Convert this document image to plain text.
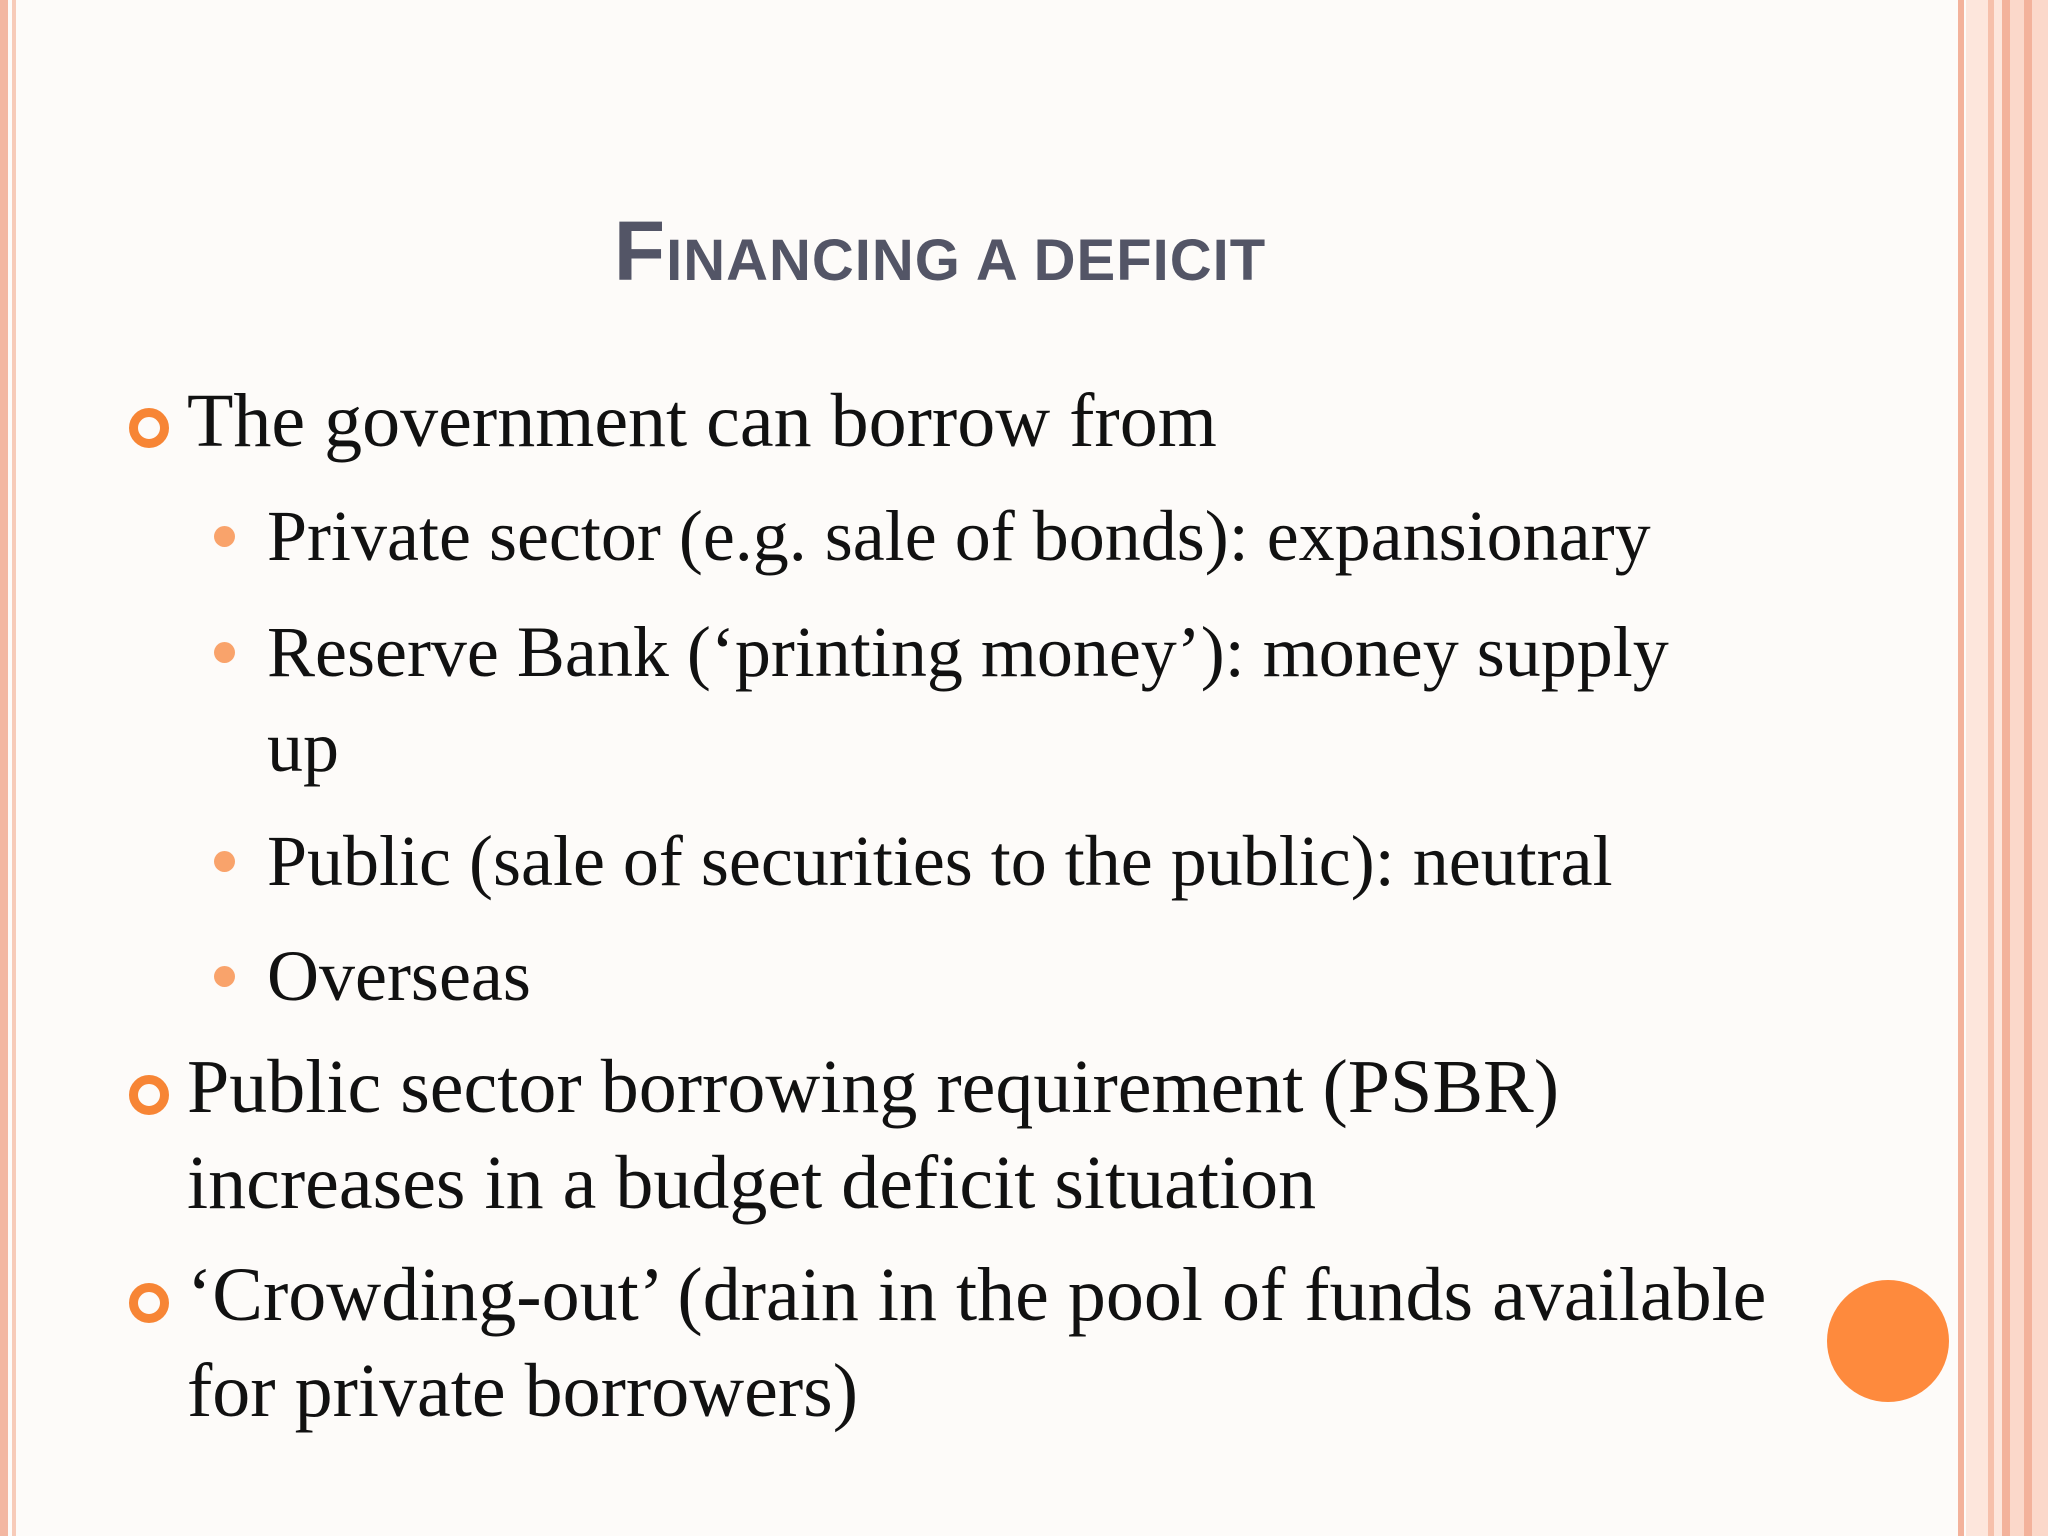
FINANCING A DEFICIT

The government can borrow from

Private sector (e.g. sale of bonds): expansionary

Reserve Bank (‘printing money’): money supply

up

Public (sale of securities to the public): neutral

Overseas

Public sector borrowing requirement (PSBR)

increases in a budget deficit situation

‘Crowding-out’ (drain in the pool of funds available

for private borrowers)
